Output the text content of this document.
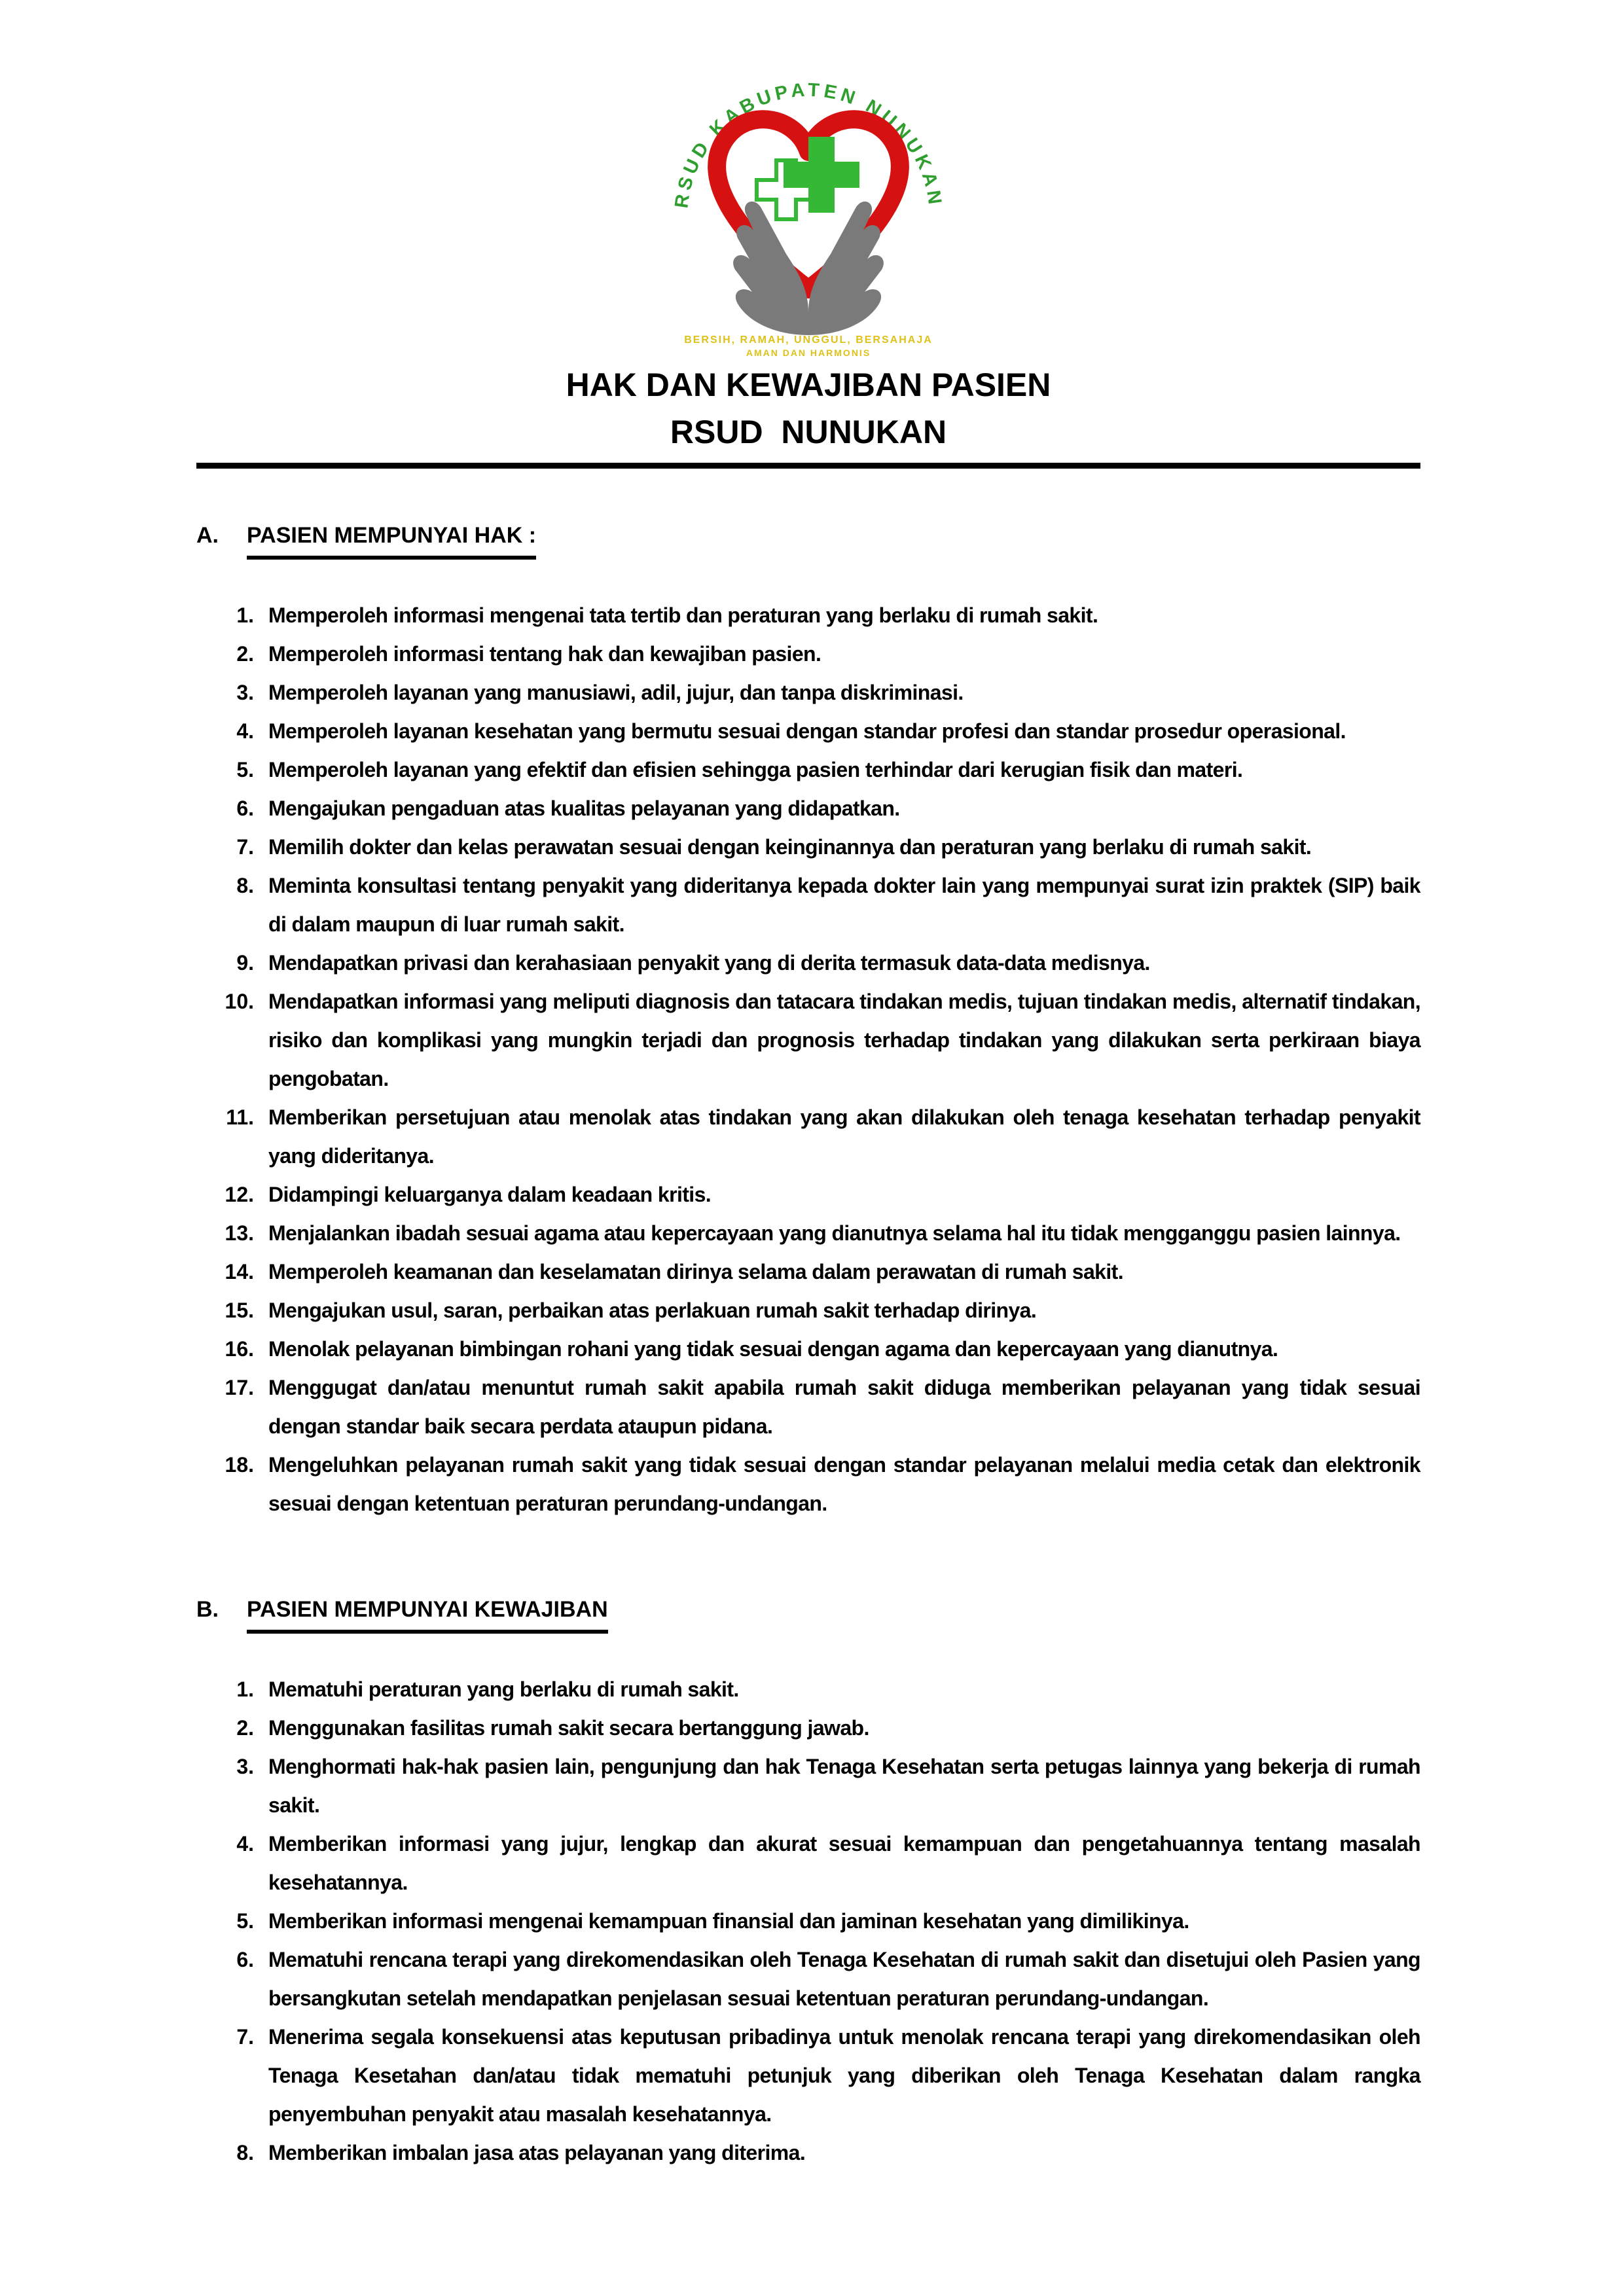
RSUD KABUPATEN NUNUKAN
BERSIH, RAMAH, UNGGUL, BERSAHAJA
AMAN DAN HARMONIS
HAK DAN KEWAJIBAN PASIEN
RSUD  NUNUKAN
A.	PASIEN MEMPUNYAI HAK :
Memperoleh informasi mengenai tata tertib dan peraturan yang berlaku di rumah sakit.
Memperoleh informasi tentang hak dan kewajiban pasien.
Memperoleh layanan yang manusiawi, adil, jujur, dan tanpa diskriminasi.
Memperoleh layanan kesehatan yang bermutu sesuai dengan standar profesi dan standar prosedur operasional.
Memperoleh layanan yang efektif dan efisien sehingga pasien terhindar dari kerugian fisik dan materi.
Mengajukan pengaduan atas kualitas pelayanan yang didapatkan.
Memilih dokter dan kelas perawatan sesuai dengan keinginannya dan peraturan yang berlaku di rumah sakit.
Meminta konsultasi tentang penyakit yang dideritanya kepada dokter lain yang mempunyai surat izin praktek (SIP) baik di dalam maupun di luar rumah sakit.
Mendapatkan privasi dan kerahasiaan penyakit yang di derita termasuk data-data medisnya.
Mendapatkan informasi yang meliputi diagnosis dan tatacara tindakan medis, tujuan tindakan medis, alternatif tindakan, risiko dan komplikasi yang mungkin terjadi dan prognosis terhadap tindakan yang dilakukan serta perkiraan biaya pengobatan.
Memberikan persetujuan atau menolak atas tindakan yang akan dilakukan oleh tenaga kesehatan terhadap penyakit yang dideritanya.
Didampingi keluarganya dalam keadaan kritis.
Menjalankan ibadah sesuai agama atau kepercayaan yang dianutnya selama hal itu tidak mengganggu pasien lainnya.
Memperoleh keamanan dan keselamatan dirinya selama dalam perawatan di rumah sakit.
Mengajukan usul, saran, perbaikan atas perlakuan rumah sakit terhadap dirinya.
Menolak pelayanan bimbingan rohani yang tidak sesuai dengan agama dan kepercayaan yang dianutnya.
Menggugat dan/atau menuntut rumah sakit apabila rumah sakit diduga memberikan pelayanan yang tidak sesuai dengan standar baik secara perdata ataupun pidana.
Mengeluhkan pelayanan rumah sakit yang tidak sesuai dengan standar pelayanan melalui media cetak dan elektronik sesuai dengan ketentuan peraturan perundang-undangan.
B.	PASIEN MEMPUNYAI KEWAJIBAN
Mematuhi peraturan yang berlaku di rumah sakit.
Menggunakan fasilitas rumah sakit secara bertanggung jawab.
Menghormati hak-hak pasien lain, pengunjung dan hak Tenaga Kesehatan serta petugas lainnya yang bekerja di rumah sakit.
Memberikan informasi yang jujur, lengkap dan akurat sesuai kemampuan dan pengetahuannya tentang masalah kesehatannya.
Memberikan informasi mengenai kemampuan finansial dan jaminan kesehatan yang dimilikinya.
Mematuhi rencana terapi yang direkomendasikan oleh Tenaga Kesehatan di rumah sakit dan disetujui oleh Pasien yang bersangkutan setelah mendapatkan penjelasan sesuai ketentuan peraturan perundang-undangan.
Menerima segala konsekuensi atas keputusan pribadinya untuk menolak rencana terapi yang direkomendasikan oleh Tenaga Kesetahan dan/atau tidak mematuhi petunjuk yang diberikan oleh Tenaga Kesehatan dalam rangka penyembuhan penyakit atau masalah kesehatannya.
Memberikan imbalan jasa atas pelayanan yang diterima.
